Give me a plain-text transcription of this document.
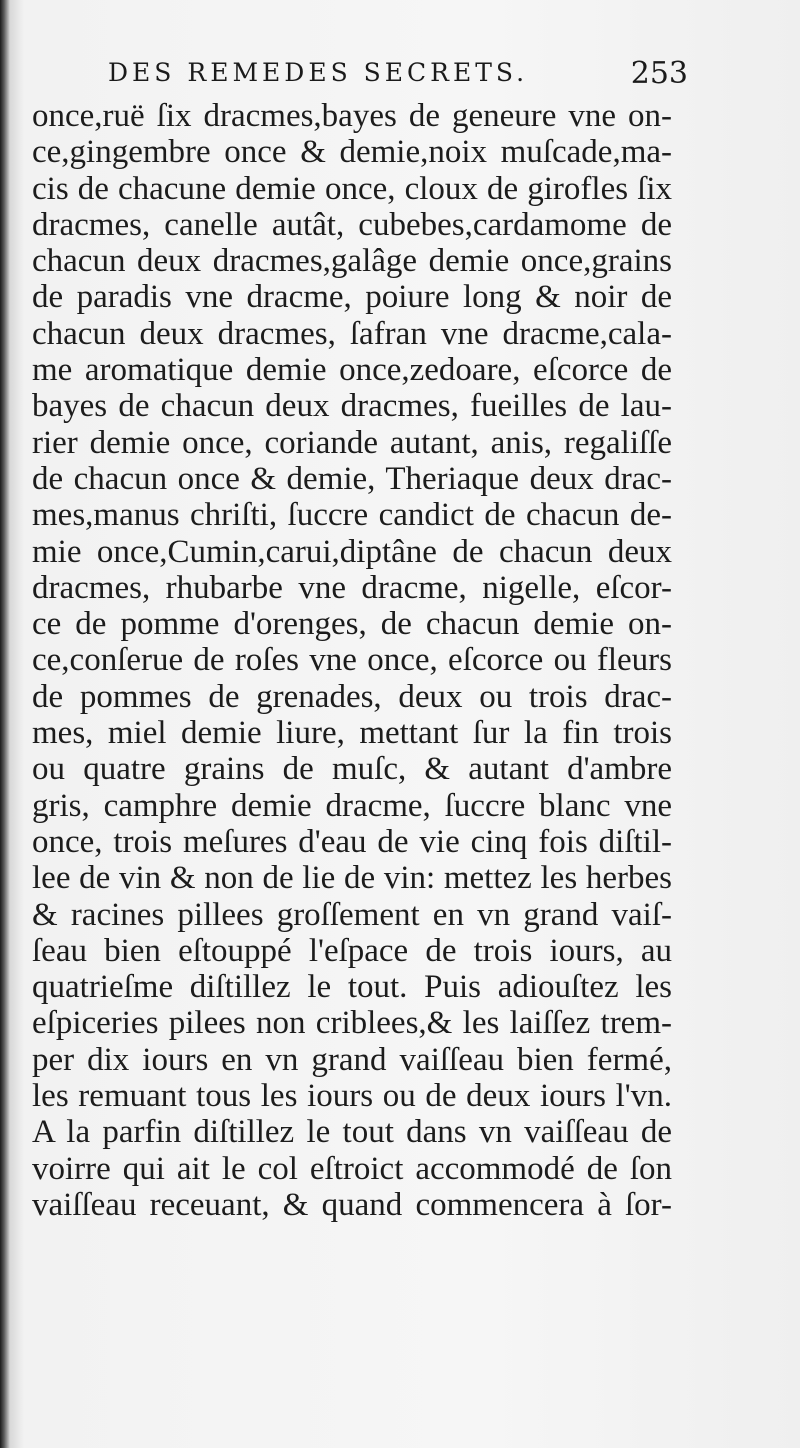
DES REMEDES SECRETS.	253
once,ruë ſix dracmes,bayes de geneure vne on-
ce,gingembre once & demie,noix muſcade,ma-
cis de chacune demie once, cloux de girofles ſix
dracmes, canelle autât, cubebes,cardamome de
chacun deux dracmes,galâge demie once,grains
de paradis vne dracme, poiure long & noir de
chacun deux dracmes, ſafran vne dracme,cala-
me aromatique demie once,zedoare, eſcorce de
bayes de chacun deux dracmes, fueilles de lau-
rier demie once, coriande autant, anis, regaliſſe
de chacun once & demie, Theriaque deux drac-
mes,manus chriſti, ſuccre candict de chacun de-
mie once,Cumin,carui,diptâne de chacun deux
dracmes, rhubarbe vne dracme, nigelle, eſcor-
ce de pomme d'orenges, de chacun demie on-
ce,conſerue de roſes vne once, eſcorce ou fleurs
de pommes de grenades, deux ou trois drac-
mes, miel demie liure, mettant ſur la fin trois
ou quatre grains de muſc, & autant d'ambre
gris, camphre demie dracme, ſuccre blanc vne
once, trois meſures d'eau de vie cinq fois diſtil-
lee de vin & non de lie de vin: mettez les herbes
& racines pillees groſſement en vn grand vaiſ-
ſeau bien eſtouppé l'eſpace de trois iours, au
quatrieſme diſtillez le tout. Puis adiouſtez les
eſpiceries pilees non criblees,& les laiſſez trem-
per dix iours en vn grand vaiſſeau bien fermé,
les remuant tous les iours ou de deux iours l'vn.
A la parfin diſtillez le tout dans vn vaiſſeau de
voirre qui ait le col eſtroict accommodé de ſon
vaiſſeau receuant, & quand commencera à ſor-
